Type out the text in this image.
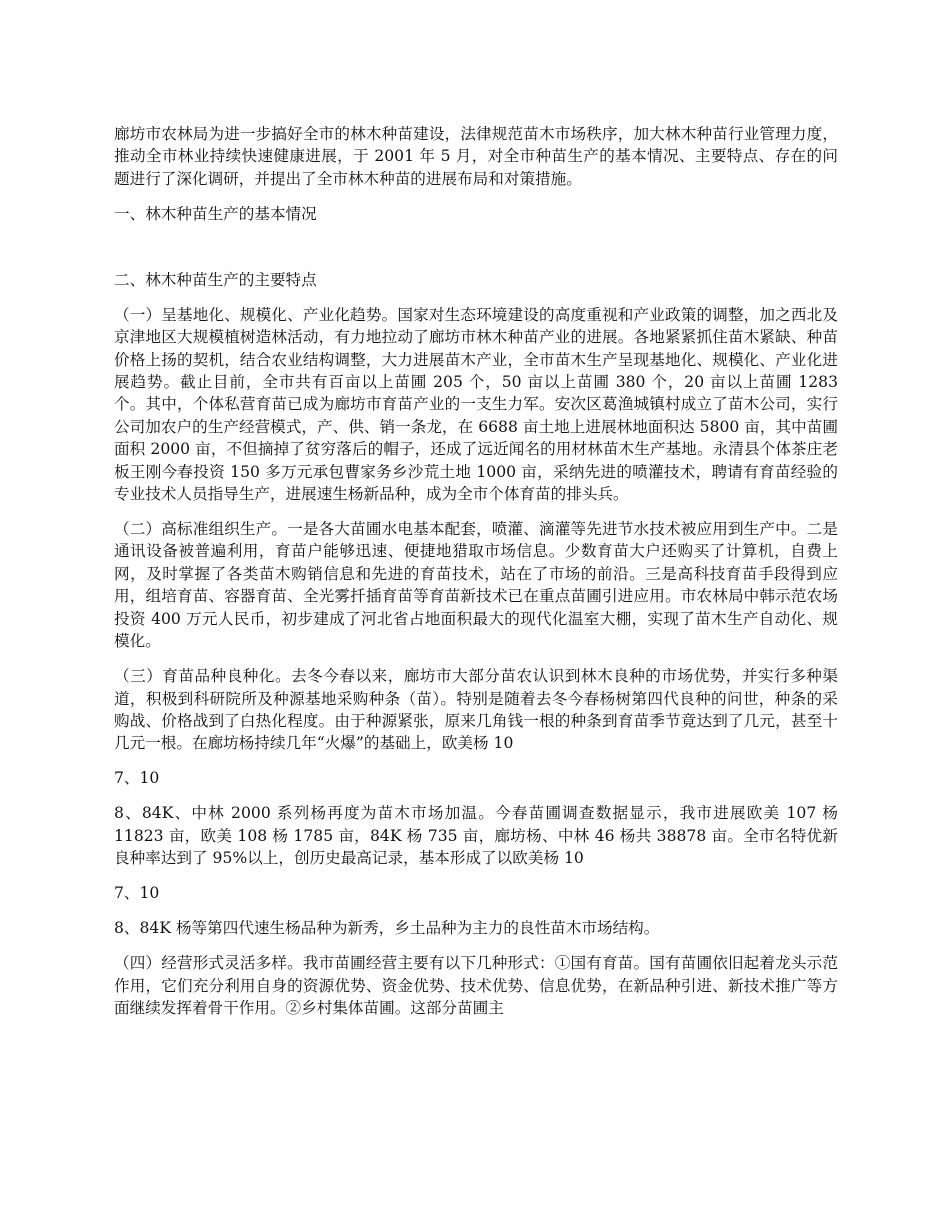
廊坊市农林局为进一步搞好全市的林木种苗建设，法律规范苗木市场秩序，加大林木种苗行业管理力度，推动全市林业持续快速健康进展，于 2001 年 5 月，对全市种苗生产的基本情况、主要特点、存在的问题进行了深化调研，并提出了全市林木种苗的进展布局和对策措施。

一、林木种苗生产的基本情况

二、林木种苗生产的主要特点

（一）呈基地化、规模化、产业化趋势。国家对生态环境建设的高度重视和产业政策的调整，加之西北及京津地区大规模植树造林活动，有力地拉动了廊坊市林木种苗产业的进展。各地紧紧抓住苗木紧缺、种苗价格上扬的契机，结合农业结构调整，大力进展苗木产业，全市苗木生产呈现基地化、规模化、产业化进展趋势。截止目前，全市共有百亩以上苗圃 205 个，50 亩以上苗圃 380 个，20 亩以上苗圃 1283 个。其中，个体私营育苗已成为廊坊市育苗产业的一支生力军。安次区葛渔城镇村成立了苗木公司，实行公司加农户的生产经营模式，产、供、销一条龙，在 6688 亩土地上进展林地面积达 5800 亩，其中苗圃面积 2000 亩，不但摘掉了贫穷落后的帽子，还成了远近闻名的用材林苗木生产基地。永清县个体茶庄老板王刚今春投资 150 多万元承包曹家务乡沙荒土地 1000 亩，采纳先进的喷灌技术，聘请有育苗经验的专业技术人员指导生产，进展速生杨新品种，成为全市个体育苗的排头兵。

（二）高标准组织生产。一是各大苗圃水电基本配套，喷灌、滴灌等先进节水技术被应用到生产中。二是通讯设备被普遍利用，育苗户能够迅速、便捷地猎取市场信息。少数育苗大户还购买了计算机，自费上网，及时掌握了各类苗木购销信息和先进的育苗技术，站在了市场的前沿。三是高科技育苗手段得到应用，组培育苗、容器育苗、全光雾扦插育苗等育苗新技术已在重点苗圃引进应用。市农林局中韩示范农场投资 400 万元人民币，初步建成了河北省占地面积最大的现代化温室大棚，实现了苗木生产自动化、规模化。

（三）育苗品种良种化。去冬今春以来，廊坊市大部分苗农认识到林木良种的市场优势，并实行多种渠道，积极到科研院所及种源基地采购种条（苗）。特别是随着去冬今春杨树第四代良种的问世，种条的采购战、价格战到了白热化程度。由于种源紧张，原来几角钱一根的种条到育苗季节竟达到了几元，甚至十几元一根。在廊坊杨持续几年“火爆”的基础上，欧美杨 10

7、10

8、84K、中林 2000 系列杨再度为苗木市场加温。今春苗圃调查数据显示，我市进展欧美 107 杨 11823 亩，欧美 108 杨 1785 亩，84K 杨 735 亩，廊坊杨、中林 46 杨共 38878 亩。全市名特优新良种率达到了 95%以上，创历史最高记录，基本形成了以欧美杨 10

7、10

8、84K 杨等第四代速生杨品种为新秀，乡土品种为主力的良性苗木市场结构。

（四）经营形式灵活多样。我市苗圃经营主要有以下几种形式：①国有育苗。国有苗圃依旧起着龙头示范作用，它们充分利用自身的资源优势、资金优势、技术优势、信息优势，在新品种引进、新技术推广等方面继续发挥着骨干作用。②乡村集体苗圃。这部分苗圃主
